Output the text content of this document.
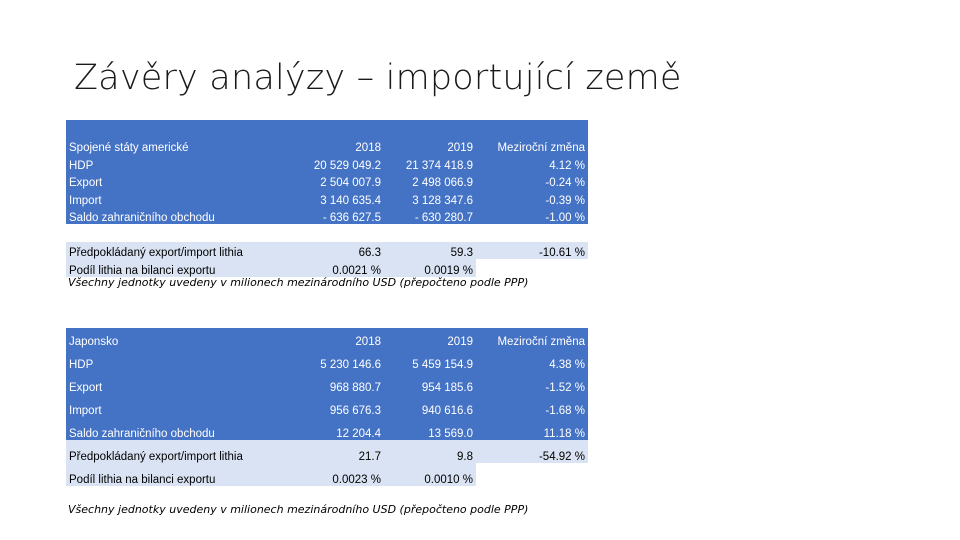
Závěry analýzy – importující země
Spojené státy americké	2018	2019	Meziroční změna
HDP	20 529 049.2	21 374 418.9	4.12 %
Export	2 504 007.9	2 498 066.9	-0.24 %
Import	3 140 635.4	3 128 347.6	-0.39 %
Saldo zahraničního obchodu	- 636 627.5	- 630 280.7	-1.00 %

Předpokládaný export/import lithia	66.3	59.3	-10.61 %
Podíl lithia na bilanci exportu	0.0021 %	0.0019 %	
Všechny jednotky uvedeny v milionech mezinárodního USD (přepočteno podle PPP)
Japonsko	2018	2019	Meziroční změna
HDP	5 230 146.6	5 459 154.9	4.38 %
Export	968 880.7	954 185.6	-1.52 %
Import	956 676.3	940 616.6	-1.68 %
Saldo zahraničního obchodu	12 204.4	13 569.0	11.18 %
Předpokládaný export/import lithia	21.7	9.8	-54.92 %
Podíl lithia na bilanci exportu	0.0023 %	0.0010 %	
Všechny jednotky uvedeny v milionech mezinárodního USD (přepočteno podle PPP)
